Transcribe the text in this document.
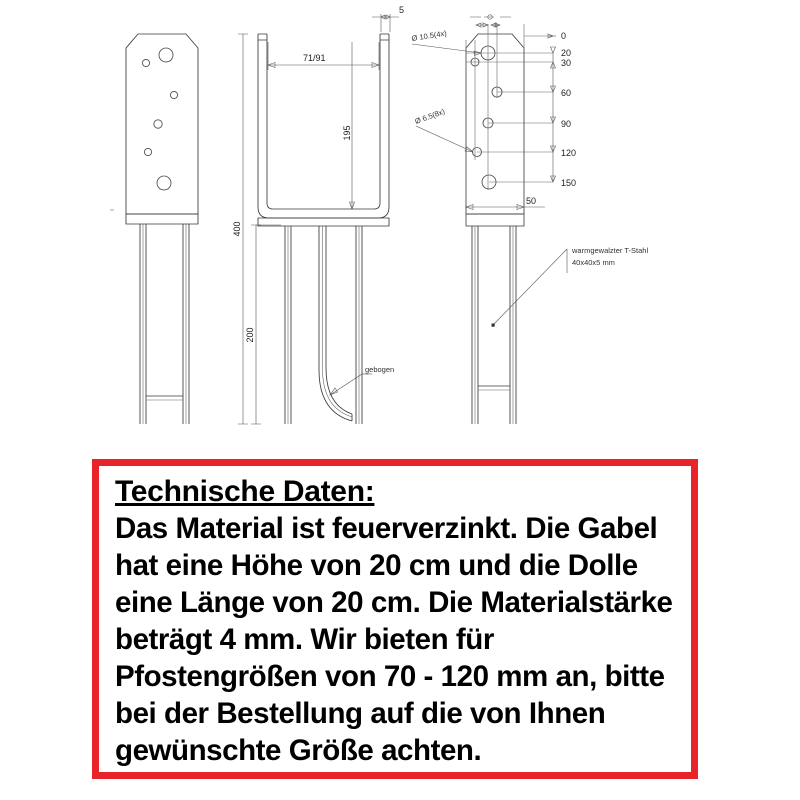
5
71/91
195
gebogen
400
200
0
20
30
60
90
120
150
Ø 10.5(4x)
Ø 6.5(8x)
50
warmgewalzter T-Stahl
40x40x5 mm
Technische Daten:
Das Material ist feuerverzinkt. Die Gabel hat eine Höhe von 20 cm und die Dolle eine Länge von 20 cm. Die Materialstärke beträgt 4 mm. Wir bieten für Pfostengrößen von 70 - 120 mm an, bitte bei der Bestellung auf die von Ihnen gewünschte Größe achten.
